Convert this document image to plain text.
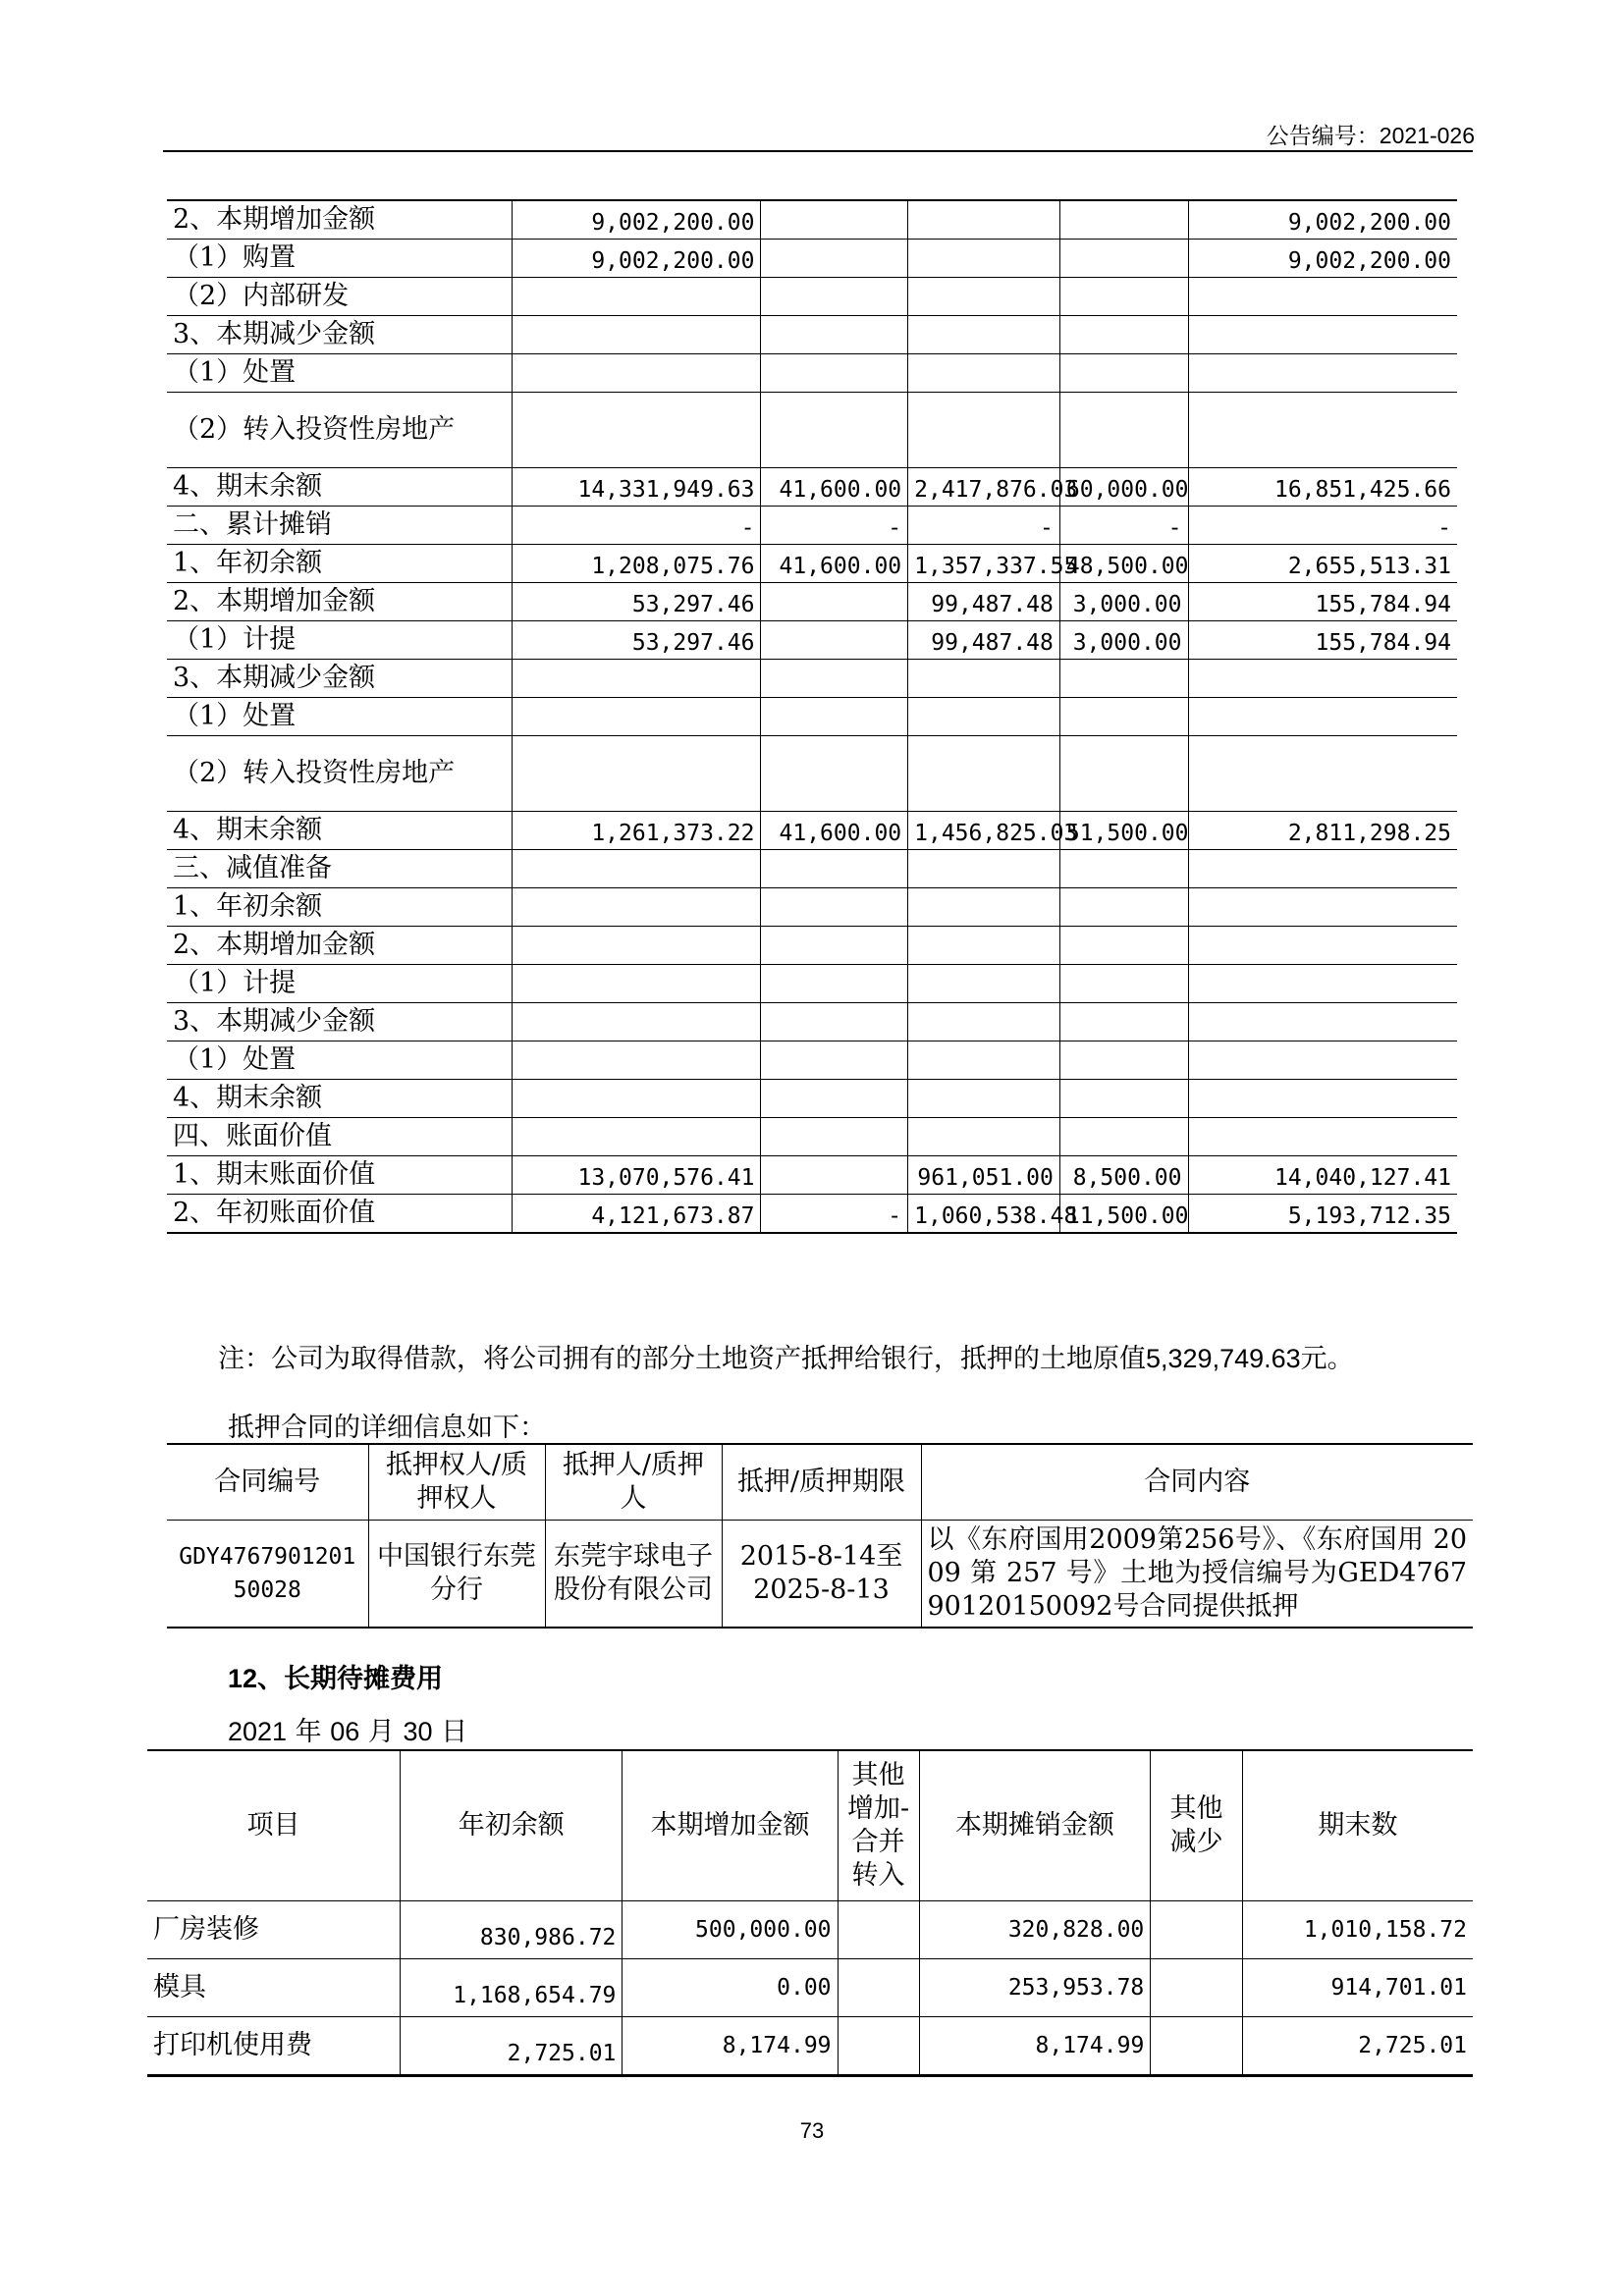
公告编号：2021-026
2、本期增加金额	9,002,200.00				9,002,200.00
（1）购置	9,002,200.00				9,002,200.00
（2）内部研发					
3、本期减少金额					
（1）处置					
（2）转入投资性房地产					
4、期末余额	14,331,949.63	41,600.00	2,417,876.03	60,000.00	16,851,425.66
二、累计摊销	-	-	-	-	-
1、年初余额	1,208,075.76	41,600.00	1,357,337.55	48,500.00	2,655,513.31
2、本期增加金额	53,297.46		99,487.48	3,000.00	155,784.94
（1）计提	53,297.46		99,487.48	3,000.00	155,784.94
3、本期减少金额					
（1）处置					
（2）转入投资性房地产					
4、期末余额	1,261,373.22	41,600.00	1,456,825.03	51,500.00	2,811,298.25
三、减值准备					
1、年初余额					
2、本期增加金额					
（1）计提					
3、本期减少金额					
（1）处置					
4、期末余额					
四、账面价值					
1、期末账面价值	13,070,576.41		961,051.00	8,500.00	14,040,127.41
2、年初账面价值	4,121,673.87	-	1,060,538.48	11,500.00	5,193,712.35
注：公司为取得借款，将公司拥有的部分土地资产抵押给银行，抵押的土地原值5,329,749.63元。
抵押合同的详细信息如下：
合同编号	抵押权人/质押权人	抵押人/质押人	抵押/质押期限	合同内容
GDY476790120150028	中国银行东莞分行	东莞宇球电子股份有限公司	2015-8-14至2025-8-13	以《东府国用2009第256号》、《东府国用 2009 第 257 号》土地为授信编号为GED476790120150092号合同提供抵押
12、长期待摊费用
2021 年 06 月 30 日
项目	年初余额	本期增加金额	其他增加-合并转入	本期摊销金额	其他减少	期末数
厂房装修	830,986.72	500,000.00		320,828.00		1,010,158.72
模具	1,168,654.79	0.00		253,953.78		914,701.01
打印机使用费	2,725.01	8,174.99		8,174.99		2,725.01
73
